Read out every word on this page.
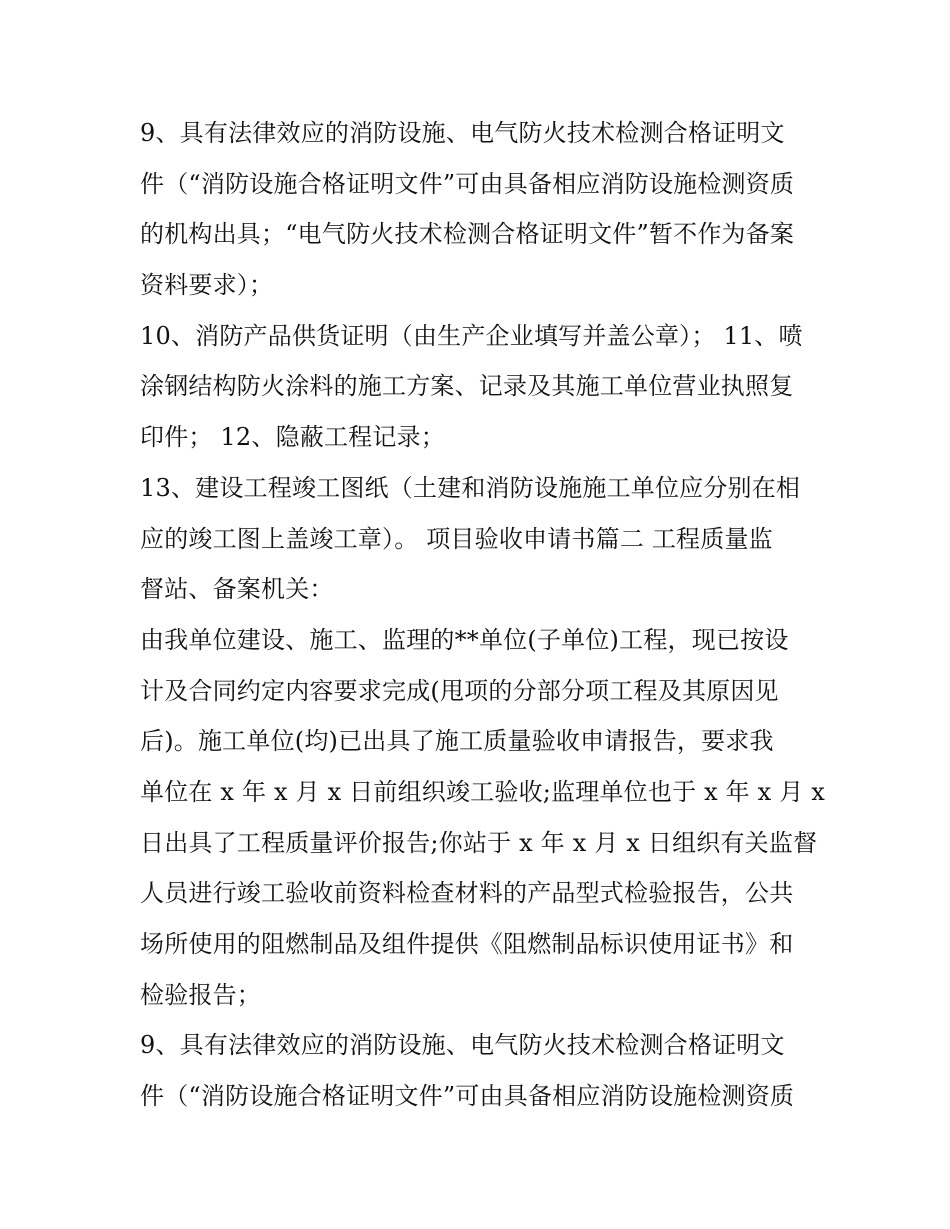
9、具有法律效应的消防设施、电气防火技术检测合格证明文
件（“消防设施合格证明文件”可由具备相应消防设施检测资质
的机构出具；“电气防火技术检测合格证明文件”暂不作为备案
资料要求）；
10、消防产品供货证明（由生产企业填写并盖公章）； 11、喷
涂钢结构防火涂料的施工方案、记录及其施工单位营业执照复
印件； 12、隐蔽工程记录；
13、建设工程竣工图纸（土建和消防设施施工单位应分别在相
应的竣工图上盖竣工章）。 项目验收申请书篇二 工程质量监
督站、备案机关：
由我单位建设、施工、监理的**单位(子单位)工程，现已按设
计及合同约定内容要求完成(甩项的分部分项工程及其原因见
后)。施工单位(均)已出具了施工质量验收申请报告，要求我
单位在 x 年 x 月 x 日前组织竣工验收;监理单位也于 x 年 x 月 x
日出具了工程质量评价报告;你站于 x 年 x 月 x 日组织有关监督
人员进行竣工验收前资料检查材料的产品型式检验报告，公共
场所使用的阻燃制品及组件提供《阻燃制品标识使用证书》和
检验报告；
9、具有法律效应的消防设施、电气防火技术检测合格证明文
件（“消防设施合格证明文件”可由具备相应消防设施检测资质
